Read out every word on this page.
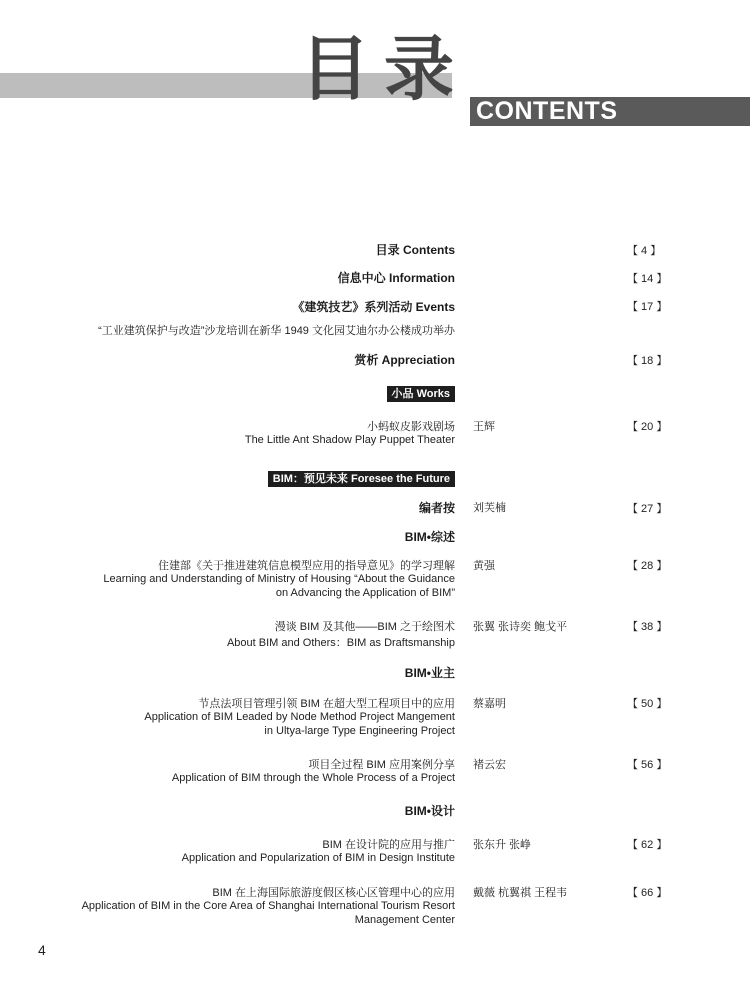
目录
CONTENTS
目录 Contents	【 4 】
信息中心 Information	【 14 】
《建筑技艺》系列活动 Events	【 17 】
“工业建筑保护与改造”沙龙培训在新华 1949 文化园艾迪尔办公楼成功举办
赏析 Appreciation	【 18 】
小品 Works
小蚂蚁皮影戏剧场
The Little Ant Shadow Play Puppet Theater
王辉	【 20 】
BIM：预见未来 Foresee the Future
编者按 刘芙楠	【 27 】
BIM•综述
住建部《关于推进建筑信息模型应用的指导意见》的学习理解
Learning and Understanding of Ministry of Housing “About the Guidance
on Advancing the Application of BIM”
黄强	【 28 】
漫谈 BIM 及其他——BIM 之于绘图术
About BIM and Others：BIM as Draftsmanship
张翼 张诗奕 鲍戈平	【 38 】
BIM•业主
节点法项目管理引领 BIM 在超大型工程项目中的应用
Application of BIM Leaded by Node Method Project Mangement
in Ultya-large Type Engineering Project
蔡嘉明	【 50 】
项目全过程 BIM 应用案例分享
Application of BIM through the Whole Process of a Project
褚云宏	【 56 】
BIM•设计
BIM 在设计院的应用与推广
Application and Popularization of BIM in Design Institute
张东升 张峥	【 62 】
BIM 在上海国际旅游度假区核心区管理中心的应用
Application of BIM in the Core Area of Shanghai International Tourism Resort
Management Center
戴薇 杭翼祺 王程韦	【 66 】
4
